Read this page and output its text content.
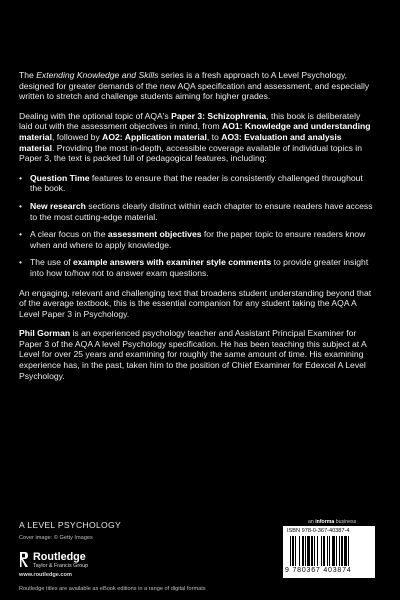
The Extending Knowledge and Skills series is a fresh approach to A Level Psychology, designed for greater demands of the new AQA specification and assessment, and especially written to stretch and challenge students aiming for higher grades.

Dealing with the optional topic of AQA's Paper 3: Schizophrenia, this book is deliberately laid out with the assessment objectives in mind, from AO1: Knowledge and understanding material, followed by AO2: Application material, to AO3: Evaluation and analysis material. Providing the most in-depth, accessible coverage available of individual topics in Paper 3, the text is packed full of pedagogical features, including:

• Question Time features to ensure that the reader is consistently challenged throughout the book.
• New research sections clearly distinct within each chapter to ensure readers have access to the most cutting-edge material.
• A clear focus on the assessment objectives for the paper topic to ensure readers know when and where to apply knowledge.
• The use of example answers with examiner style comments to provide greater insight into how to/how not to answer exam questions.

An engaging, relevant and challenging text that broadens student understanding beyond that of the average textbook, this is the essential companion for any student taking the AQA A Level Paper 3 in Psychology.

Phil Gorman is an experienced psychology teacher and Assistant Principal Examiner for Paper 3 of the AQA A level Psychology specification. He has been teaching this subject at A Level for over 25 years and examining for roughly the same amount of time. His examining experience has, in the past, taken him to the position of Chief Examiner for Edexcel A Level Psychology.

A LEVEL PSYCHOLOGY
Cover image: © Getty Images
Routledge
Taylor & Francis Group
www.routledge.com
Routledge titles are available as eBook editions in a range of digital formats
an informa business
ISBN 978-0-367-40387-4
9 780367 403874
